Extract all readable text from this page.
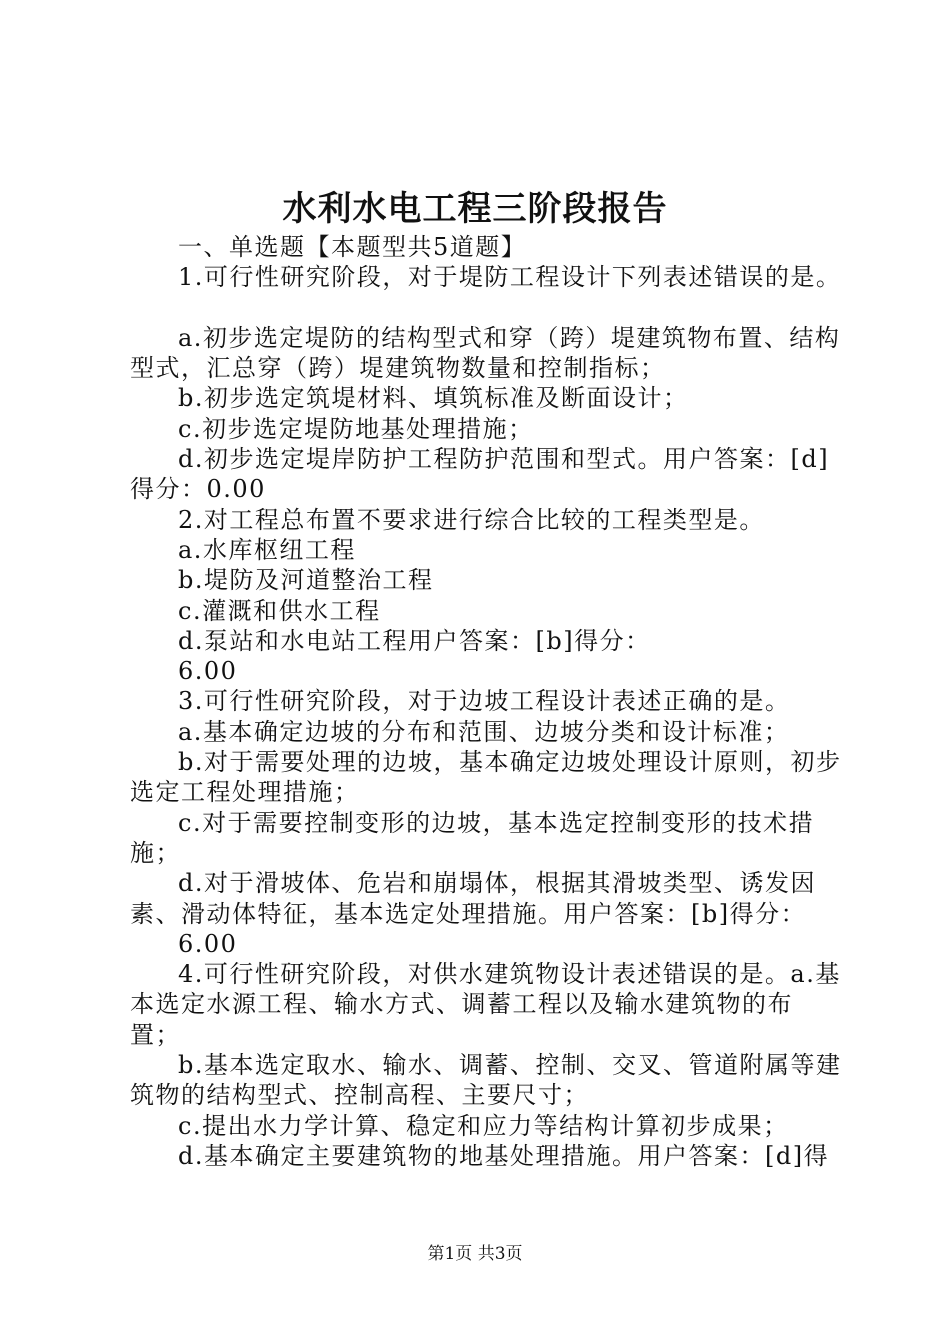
水利水电工程三阶段报告

一、单选题【本题型共5道题】

1.可行性研究阶段，对于堤防工程设计下列表述错误的是。

a.初步选定堤防的结构型式和穿（跨）堤建筑物布置、结构型式，汇总穿（跨）堤建筑物数量和控制指标；

b.初步选定筑堤材料、填筑标准及断面设计；

c.初步选定堤防地基处理措施；

d.初步选定堤岸防护工程防护范围和型式。用户答案：[d]得分：0.00

2.对工程总布置不要求进行综合比较的工程类型是。

a.水库枢纽工程

b.堤防及河道整治工程

c.灌溉和供水工程

d.泵站和水电站工程用户答案：[b]得分：

6.00

3.可行性研究阶段，对于边坡工程设计表述正确的是。

a.基本确定边坡的分布和范围、边坡分类和设计标准；

b.对于需要处理的边坡，基本确定边坡处理设计原则，初步选定工程处理措施；

c.对于需要控制变形的边坡，基本选定控制变形的技术措施；

d.对于滑坡体、危岩和崩塌体，根据其滑坡类型、诱发因素、滑动体特征，基本选定处理措施。用户答案：[b]得分：

6.00

4.可行性研究阶段，对供水建筑物设计表述错误的是。a.基本选定水源工程、输水方式、调蓄工程以及输水建筑物的布置；

b.基本选定取水、输水、调蓄、控制、交叉、管道附属等建筑物的结构型式、控制高程、主要尺寸；

c.提出水力学计算、稳定和应力等结构计算初步成果；

d.基本确定主要建筑物的地基处理措施。用户答案：[d]得

第1页 共3页
